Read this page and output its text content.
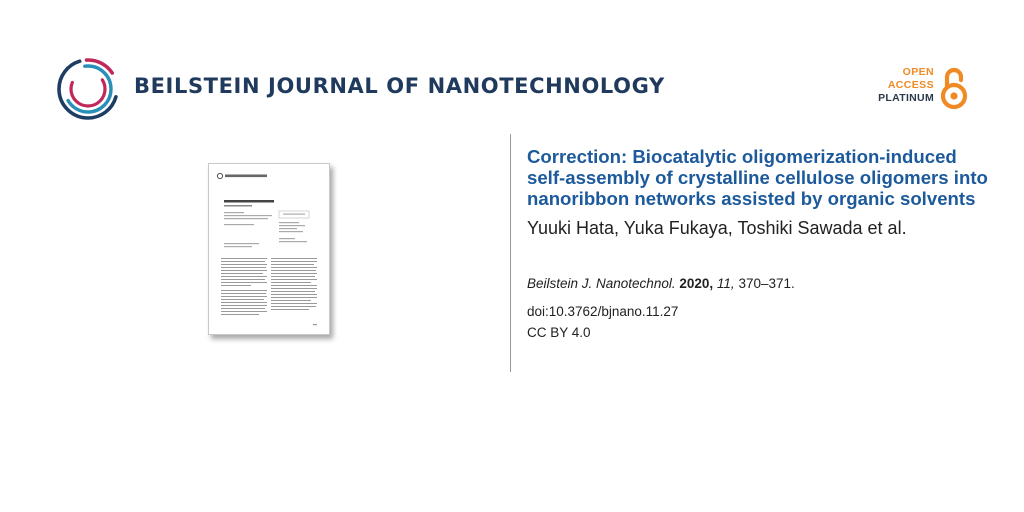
BEILSTEIN JOURNAL OF NANOTECHNOLOGY
OPEN
ACCESS
PLATINUM
Correction: Biocatalytic oligomerization-induced self-assembly of crystalline cellulose oligomers into nanoribbon networks assisted by organic solvents

Yuuki Hata, Yuka Fukaya, Toshiki Sawada et al.

Beilstein J. Nanotechnol. 2020, 11, 370–371.

doi:10.3762/bjnano.11.27

CC BY 4.0
